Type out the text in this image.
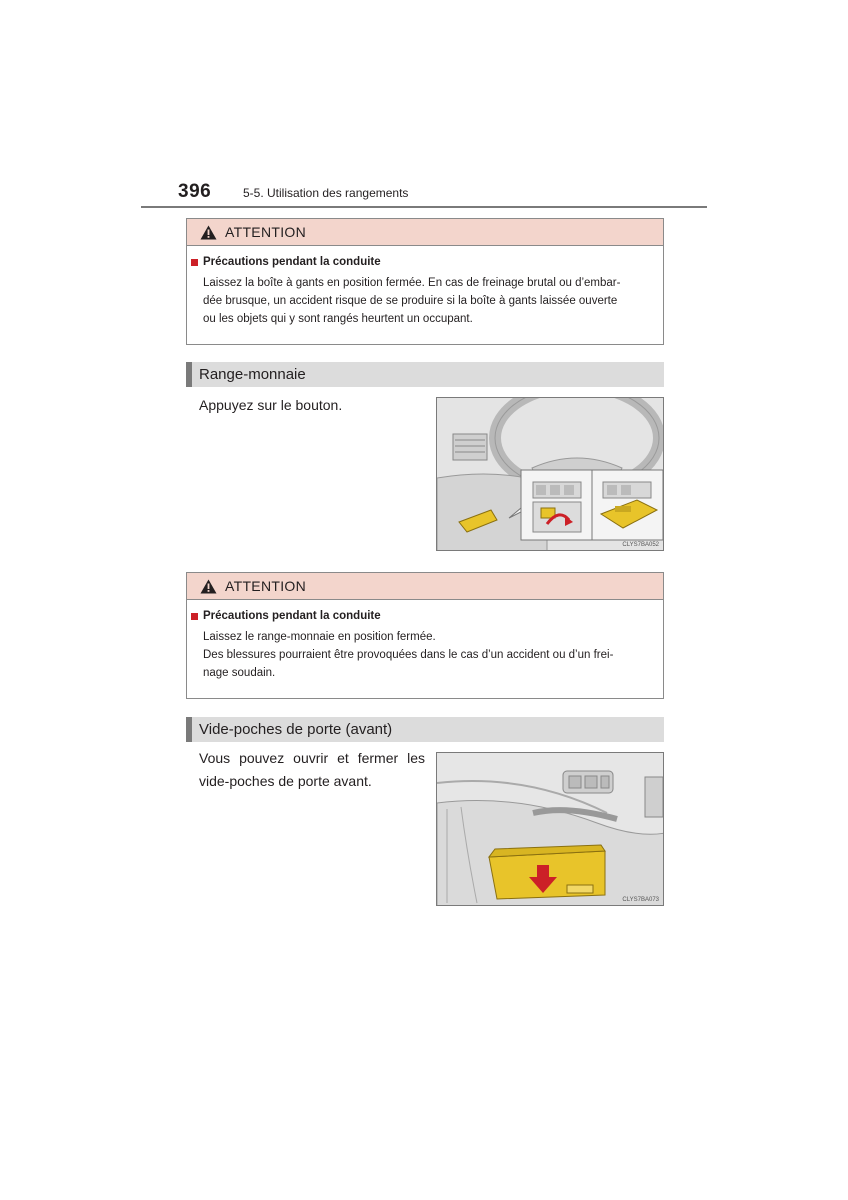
396	5-5. Utilisation des rangements
ATTENTION
Précautions pendant la conduite
Laissez la boîte à gants en position fermée. En cas de freinage brutal ou d’embar-
dée brusque, un accident risque de se produire si la boîte à gants laissée ouverte
ou les objets qui y sont rangés heurtent un occupant.
Range-monnaie
Appuyez sur le bouton.
CLYS7BA052
ATTENTION
Précautions pendant la conduite
Laissez le range-monnaie en position fermée.
Des blessures pourraient être provoquées dans le cas d’un accident ou d’un frei-
nage soudain.
Vide-poches de porte (avant)
Vous pouvez ouvrir et fermer les
vide-poches de porte avant.
CLYS7BA073
